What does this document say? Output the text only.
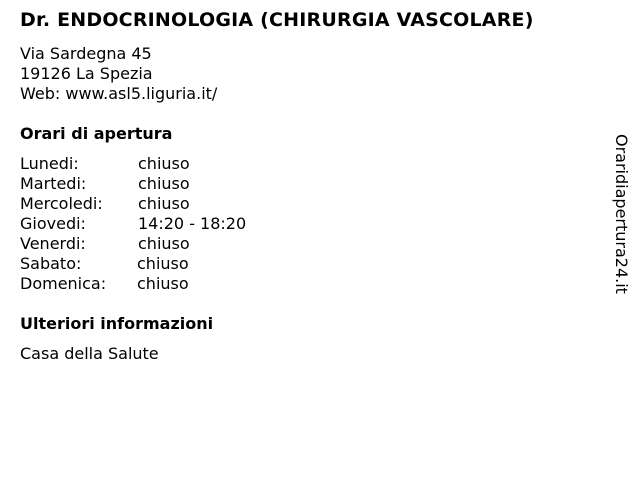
Dr. ENDOCRINOLOGIA (CHIRURGIA VASCOLARE)
Via Sardegna 45
19126 La Spezia
Web: www.asl5.liguria.it/
Orari di apertura
Lunedi:	chiuso
Martedi:	chiuso
Mercoledi: chiuso
Giovedi:	14:20 - 18:20
Venerdi:	chiuso
Sabato:	chiuso
Domenica: chiuso
Ulteriori informazioni
Casa della Salute
Oraridiapertura24.it
